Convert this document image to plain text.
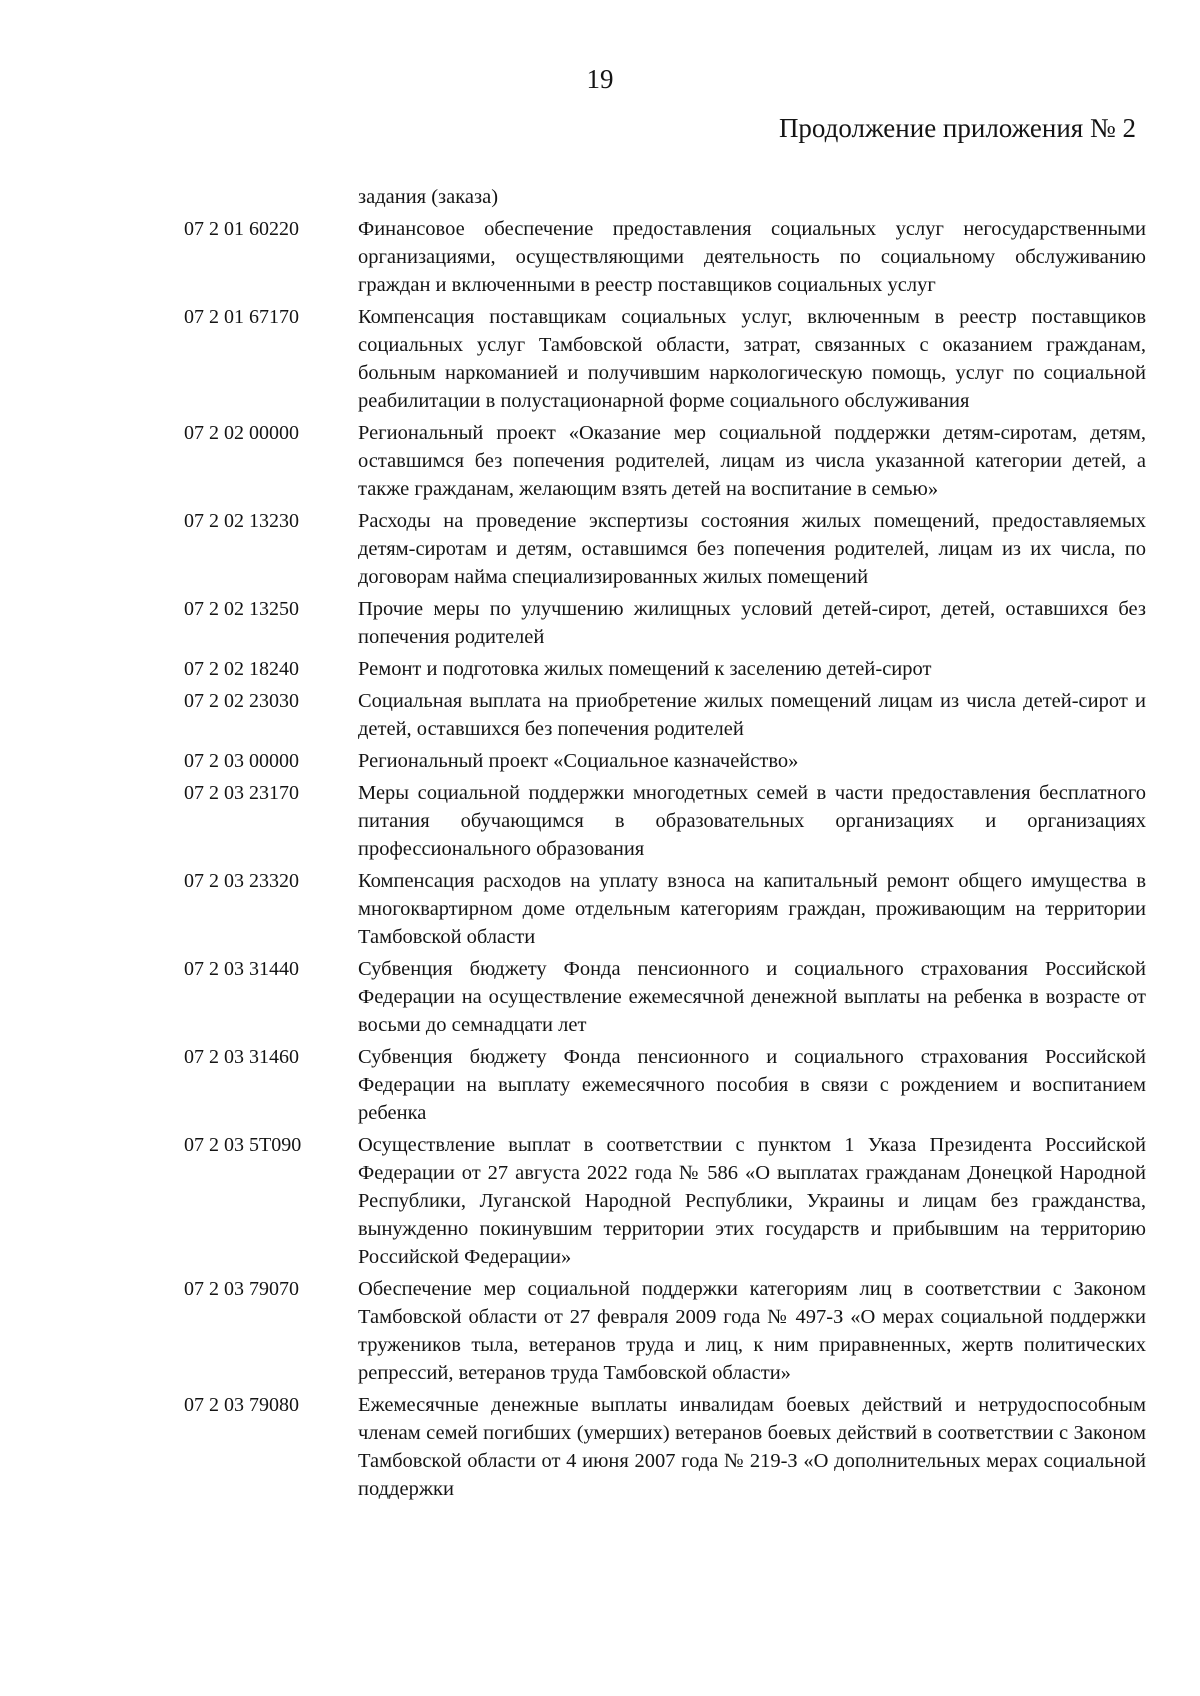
19
Продолжение приложения № 2
задания (заказа)
07 2 01 60220	Финансовое обеспечение предоставления социальных услуг негосударственными организациями, осуществляющими деятельность по социальному обслуживанию граждан и включенными в реестр поставщиков социальных услуг
07 2 01 67170	Компенсация поставщикам социальных услуг, включенным в реестр поставщиков социальных услуг Тамбовской области, затрат, связанных с оказанием гражданам, больным наркоманией и получившим наркологическую помощь, услуг по социальной реабилитации в полустационарной форме социального обслуживания
07 2 02 00000	Региональный проект «Оказание мер социальной поддержки детям-сиротам, детям, оставшимся без попечения родителей, лицам из числа указанной категории детей, а также гражданам, желающим взять детей на воспитание в семью»
07 2 02 13230	Расходы на проведение экспертизы состояния жилых помещений, предоставляемых детям-сиротам и детям, оставшимся без попечения родителей, лицам из их числа, по договорам найма специализированных жилых помещений
07 2 02 13250	Прочие меры по улучшению жилищных условий детей-сирот, детей, оставшихся без попечения родителей
07 2 02 18240	Ремонт и подготовка жилых помещений к заселению детей-сирот
07 2 02 23030	Социальная выплата на приобретение жилых помещений лицам из числа детей-сирот и детей, оставшихся без попечения родителей
07 2 03 00000	Региональный проект «Социальное казначейство»
07 2 03 23170	Меры социальной поддержки многодетных семей в части предоставления бесплатного питания обучающимся в образовательных организациях и организациях профессионального образования
07 2 03 23320	Компенсация расходов на уплату взноса на капитальный ремонт общего имущества в многоквартирном доме отдельным категориям граждан, проживающим на территории Тамбовской области
07 2 03 31440	Субвенция бюджету Фонда пенсионного и социального страхования Российской Федерации на осуществление ежемесячной денежной выплаты на ребенка в возрасте от восьми до семнадцати лет
07 2 03 31460	Субвенция бюджету Фонда пенсионного и социального страхования Российской Федерации на выплату ежемесячного пособия в связи с рождением и воспитанием ребенка
07 2 03 5Т090	Осуществление выплат в соответствии с пунктом 1 Указа Президента Российской Федерации от 27 августа 2022 года № 586 «О выплатах гражданам Донецкой Народной Республики, Луганской Народной Республики, Украины и лицам без гражданства, вынужденно покинувшим территории этих государств и прибывшим на территорию Российской Федерации»
07 2 03 79070	Обеспечение мер социальной поддержки категориям лиц в соответствии с Законом Тамбовской области от 27 февраля 2009 года № 497-З «О мерах социальной поддержки тружеников тыла, ветеранов труда и лиц, к ним приравненных, жертв политических репрессий, ветеранов труда Тамбовской области»
07 2 03 79080	Ежемесячные денежные выплаты инвалидам боевых действий и нетрудоспособным членам семей погибших (умерших) ветеранов боевых действий в соответствии с Законом Тамбовской области от 4 июня 2007 года № 219-З «О дополнительных мерах социальной поддержки
